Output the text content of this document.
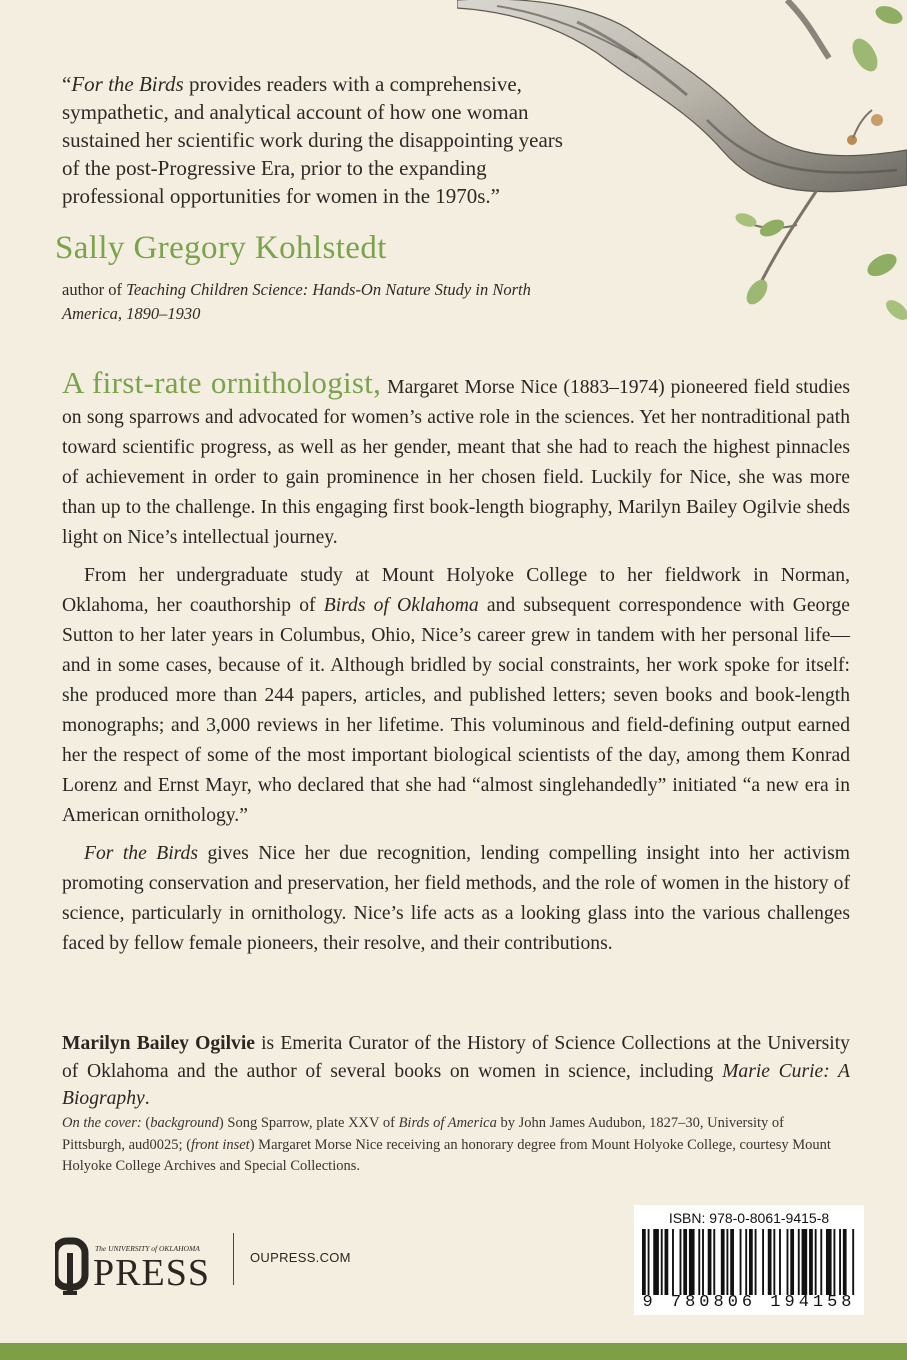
“For the Birds provides readers with a comprehensive, sympathetic, and analytical account of how one woman sustained her scientific work during the disappointing years of the post-Progressive Era, prior to the expanding professional opportunities for women in the 1970s.”
Sally Gregory Kohlstedt
author of Teaching Children Science: Hands-On Nature Study in North America, 1890–1930

A first-rate ornithologist, Margaret Morse Nice (1883–1974) pioneered field studies on song sparrows and advocated for women’s active role in the sciences. Yet her nontraditional path toward scientific progress, as well as her gender, meant that she had to reach the highest pinnacles of achievement in order to gain prominence in her chosen field. Luckily for Nice, she was more than up to the challenge. In this engaging first book-length biography, Marilyn Bailey Ogilvie sheds light on Nice’s intellectual journey.

From her undergraduate study at Mount Holyoke College to her fieldwork in Norman, Oklahoma, her coauthorship of Birds of Oklahoma and subsequent correspondence with George Sutton to her later years in Columbus, Ohio, Nice’s career grew in tandem with her personal life—and in some cases, because of it. Although bridled by social constraints, her work spoke for itself: she produced more than 244 papers, articles, and published letters; seven books and book-length monographs; and 3,000 reviews in her lifetime. This voluminous and field-defining output earned her the respect of some of the most important biological scientists of the day, among them Konrad Lorenz and Ernst Mayr, who declared that she had “almost singlehandedly” initiated “a new era in American ornithology.”

For the Birds gives Nice her due recognition, lending compelling insight into her activism promoting conservation and preservation, her field methods, and the role of women in the history of science, particularly in ornithology. Nice’s life acts as a looking glass into the various challenges faced by fellow female pioneers, their resolve, and their contributions.

Marilyn Bailey Ogilvie is Emerita Curator of the History of Science Collections at the University of Oklahoma and the author of several books on women in science, including Marie Curie: A Biography.
On the cover: (background) Song Sparrow, plate XXV of Birds of America by John James Audubon, 1827–30, University of Pittsburgh, aud0025; (front inset) Margaret Morse Nice receiving an honorary degree from Mount Holyoke College, courtesy Mount Holyoke College Archives and Special Collections.
The UNIVERSITY of OKLAHOMA
PRESS	OUPRESS.COM
ISBN: 978-0-8061-9415-8
9 780806 194158
